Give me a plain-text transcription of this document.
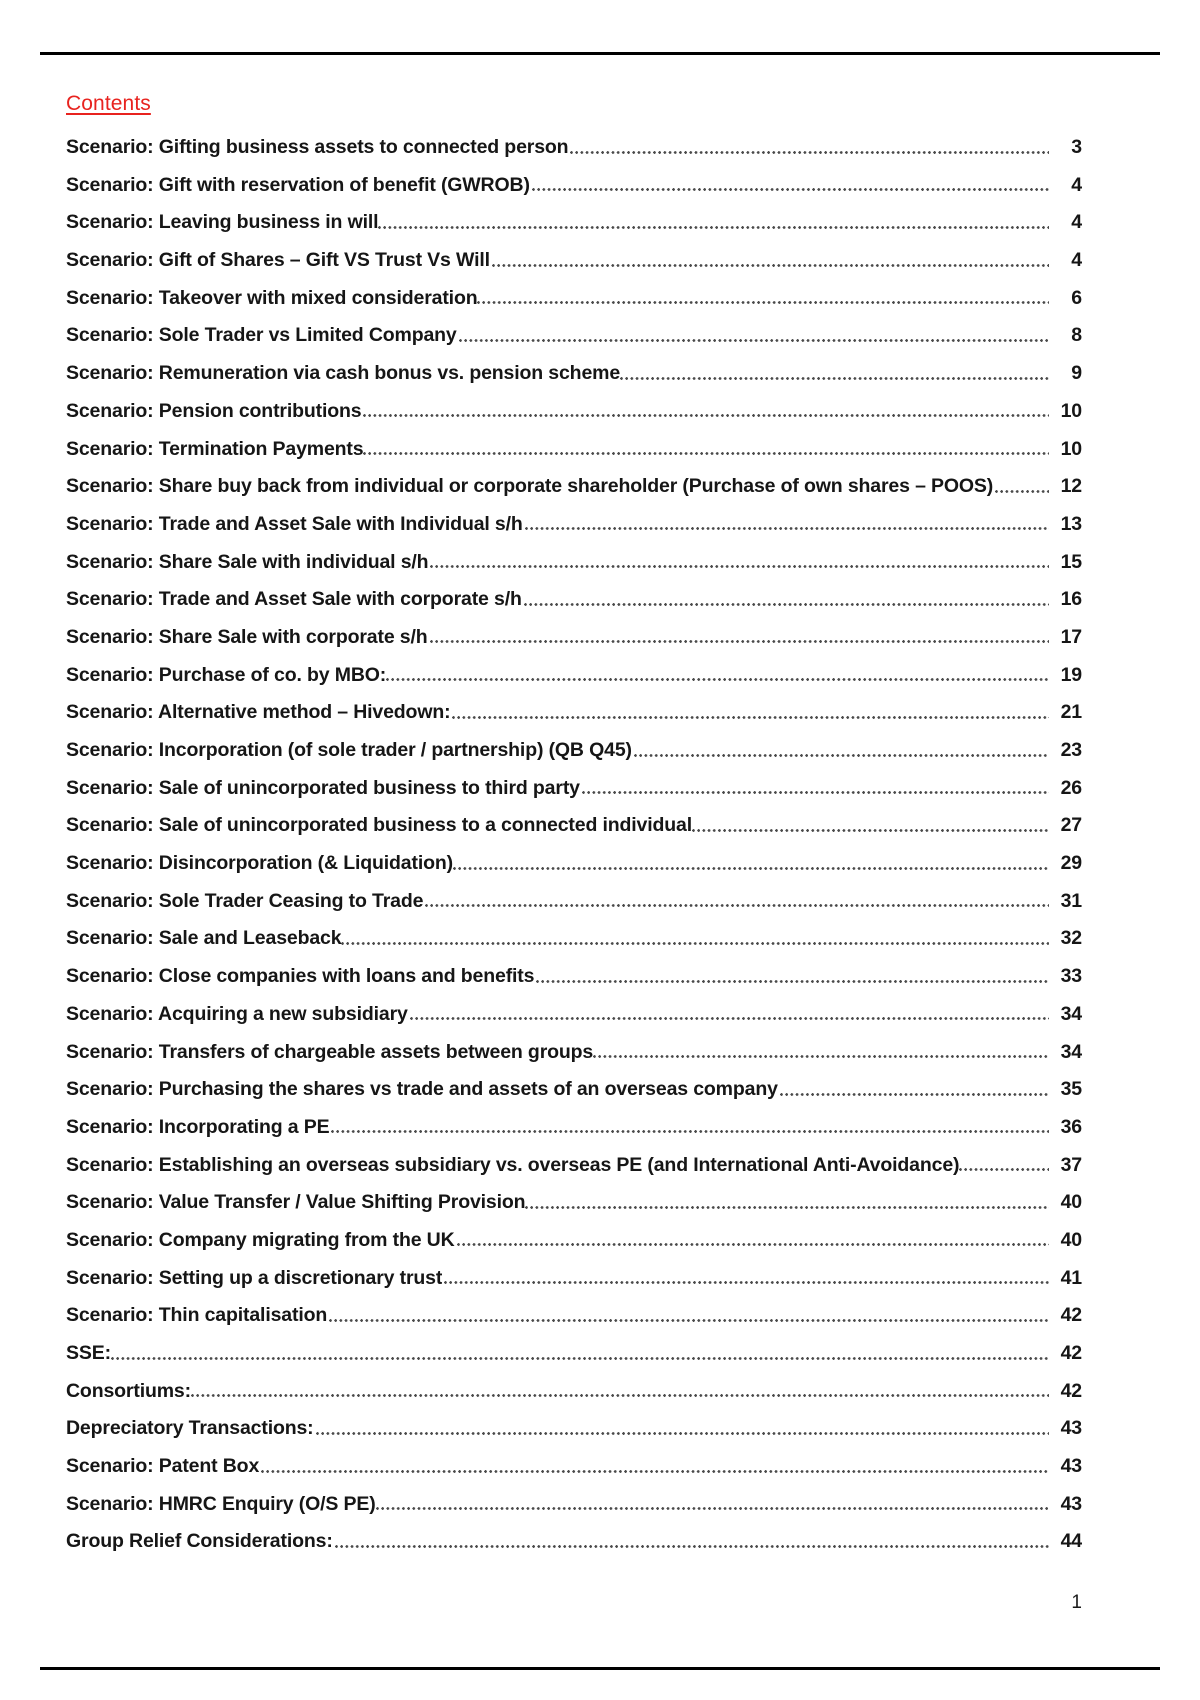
Contents
Scenario: Gifting business assets to connected person	3
Scenario: Gift with reservation of benefit (GWROB)	4
Scenario: Leaving business in will	4
Scenario: Gift of Shares – Gift VS Trust Vs Will	4
Scenario: Takeover with mixed consideration	6
Scenario: Sole Trader vs Limited Company	8
Scenario: Remuneration via cash bonus vs. pension scheme	9
Scenario: Pension contributions	10
Scenario: Termination Payments	10
Scenario: Share buy back from individual or corporate shareholder (Purchase of own shares – POOS)	12
Scenario: Trade and Asset Sale with Individual s/h	13
Scenario: Share Sale with individual s/h	15
Scenario: Trade and Asset Sale with corporate s/h	16
Scenario: Share Sale with corporate s/h	17
Scenario: Purchase of co. by MBO:	19
Scenario: Alternative method – Hivedown:	21
Scenario: Incorporation (of sole trader / partnership) (QB Q45)	23
Scenario: Sale of unincorporated business to third party	26
Scenario: Sale of unincorporated business to a connected individual	27
Scenario: Disincorporation (& Liquidation)	29
Scenario: Sole Trader Ceasing to Trade	31
Scenario: Sale and Leaseback	32
Scenario: Close companies with loans and benefits	33
Scenario: Acquiring a new subsidiary	34
Scenario: Transfers of chargeable assets between groups	34
Scenario: Purchasing the shares vs trade and assets of an overseas company	35
Scenario: Incorporating a PE	36
Scenario: Establishing an overseas subsidiary vs. overseas PE (and International Anti-Avoidance)	37
Scenario: Value Transfer / Value Shifting Provision	40
Scenario: Company migrating from the UK	40
Scenario: Setting up a discretionary trust	41
Scenario: Thin capitalisation	42
SSE:	42
Consortiums:	42
Depreciatory Transactions:	43
Scenario: Patent Box	43
Scenario: HMRC Enquiry (O/S PE)	43
Group Relief Considerations:	44
1
